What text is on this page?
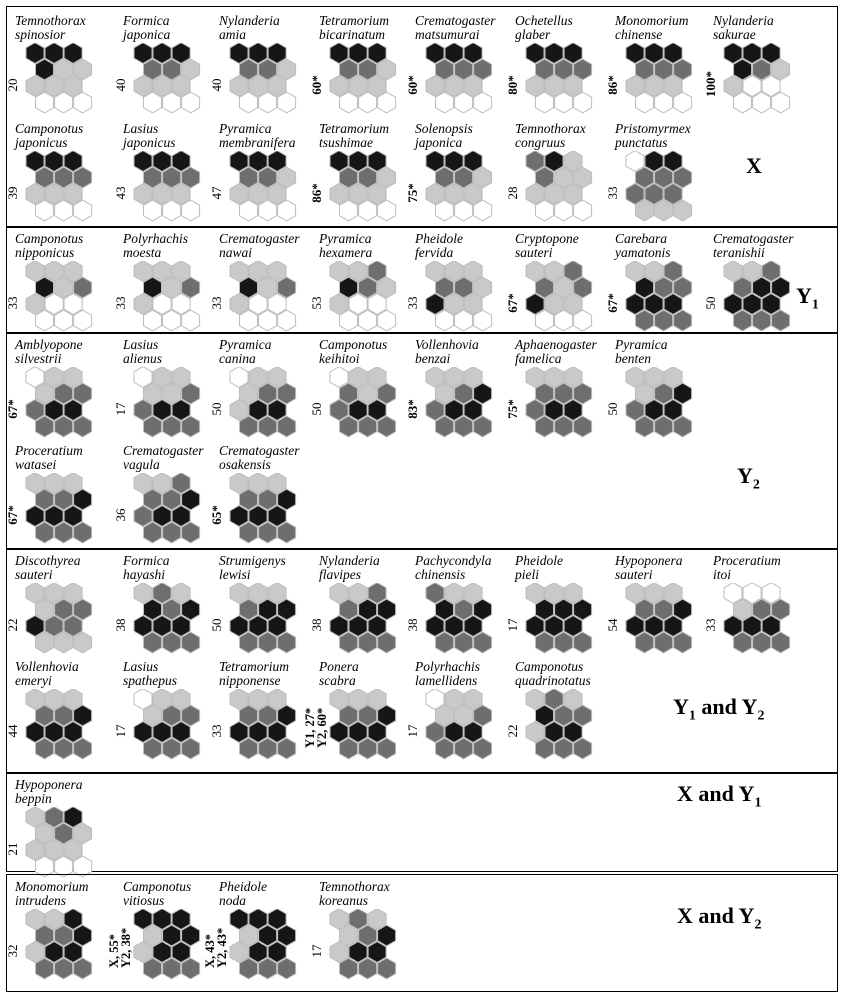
Temnothorax
spinosior
20
Formica
japonica
40
Nylanderia
amia
40
Tetramorium
bicarinatum
60*
Crematogaster
matsumurai
60*
Ochetellus
glaber
80*
Monomorium
chinense
86*
Nylanderia
sakurae
100*
Camponotus
japonicus
39
Lasius
japonicus
43
Pyramica
membranifera
47
Tetramorium
tsushimae
86*
Solenopsis
japonica
75*
Temnothorax
congruus
28
Pristomyrmex
punctatus
33
X
Camponotus
nipponicus
33
Polyrhachis
moesta
33
Crematogaster
nawai
33
Pyramica
hexamera
53
Pheidole
fervida
33
Cryptopone
sauteri
67*
Carebara
yamatonis
67*
Crematogaster
teranishii
50	$Y_1$
Amblyopone
silvestrii
67*
Lasius
alienus
17
Pyramica
canina
50
Camponotus
keihitoi
50
Vollenhovia
benzai
83*
Aphaenogaster
famelica
75*
Pyramica
benten
50
Proceratium
watasei
67*
Crematogaster
vagula
36
Crematogaster
osakensis
65*
$Y_2$
Discothyrea
sauteri
22
Formica
hayashi
38
Strumigenys
lewisi
50
Nylanderia
flavipes
38
Pachycondyla
chinensis
38
Pheidole
pieli
17
Hypoponera
sauteri
54
Proceratium
itoi
33
Vollenhovia
emeryi
44
Lasius
spathepus
17
Tetramorium
nipponense
33
Ponera
scabra
Y1, 27*
Y2, 60*
Polyrhachis
lamellidens
17
Camponotus
quadrinotatus
22
$Y_1$ and $Y_2$
Hypoponera
beppin
21
X and $Y_1$
Monomorium
intrudens
32
Camponotus
vitiosus
X, 55*
Y2, 38*
Pheidole
noda
X, 43*
Y2, 43*
Temnothorax
koreanus
17
X and $Y_2$
